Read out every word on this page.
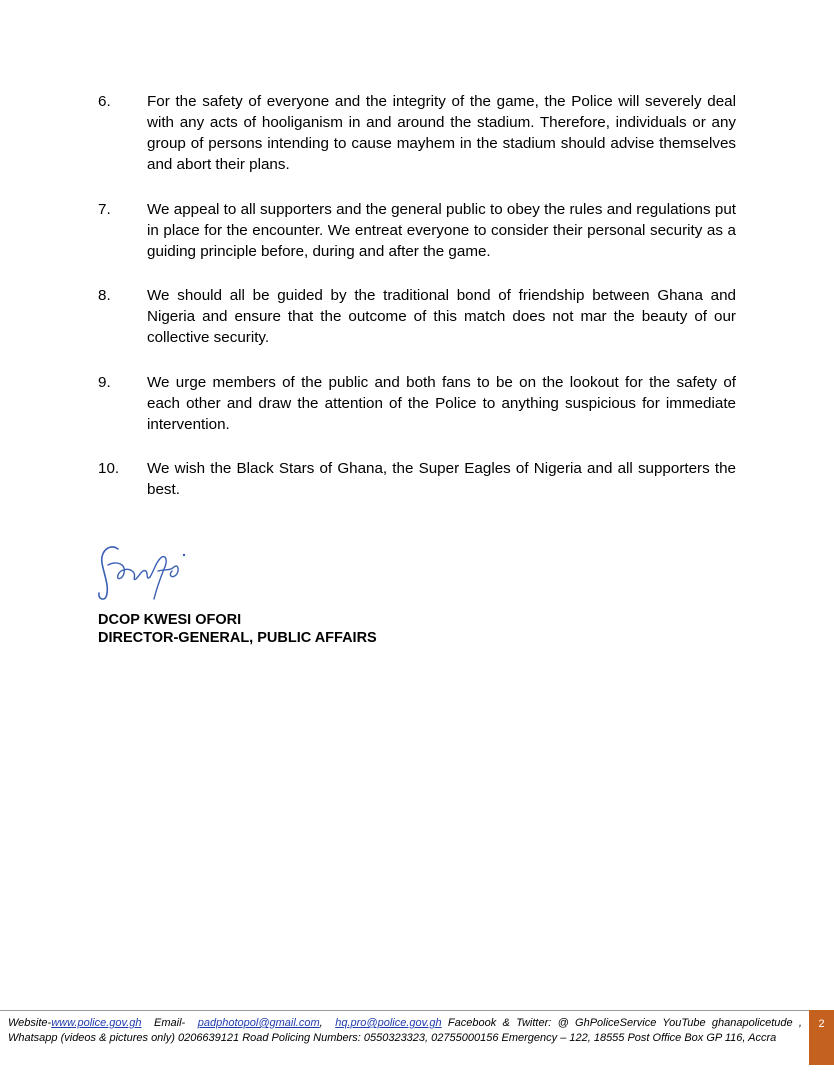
6.	For the safety of everyone and the integrity of the game, the Police will severely deal with any acts of hooliganism in and around the stadium. Therefore, individuals or any group of persons intending to cause mayhem in the stadium should advise themselves and abort their plans.
7.	We appeal to all supporters and the general public to obey the rules and regulations put in place for the encounter. We entreat everyone to consider their personal security as a guiding principle before, during and after the game.
8.	We should all be guided by the traditional bond of friendship between Ghana and Nigeria and ensure that the outcome of this match does not mar the beauty of our collective security.
9.	We urge members of the public and both fans to be on the lookout for the safety of each other and draw the attention of the Police to anything suspicious for immediate intervention.
10.	We wish the Black Stars of Ghana, the Super Eagles of Nigeria and all supporters the best.
DCOP KWESI OFORI
DIRECTOR-GENERAL, PUBLIC AFFAIRS
Website-www.police.gov.gh  Email-  padphotopol@gmail.com,  hq.pro@police.gov.gh Facebook & Twitter: @ GhPoliceService YouTube ghanapolicetude , Whatsapp (videos & pictures only) 0206639121 Road Policing Numbers: 0550323323, 02755000156 Emergency – 122, 18555 Post Office Box GP 116, Accra
2
